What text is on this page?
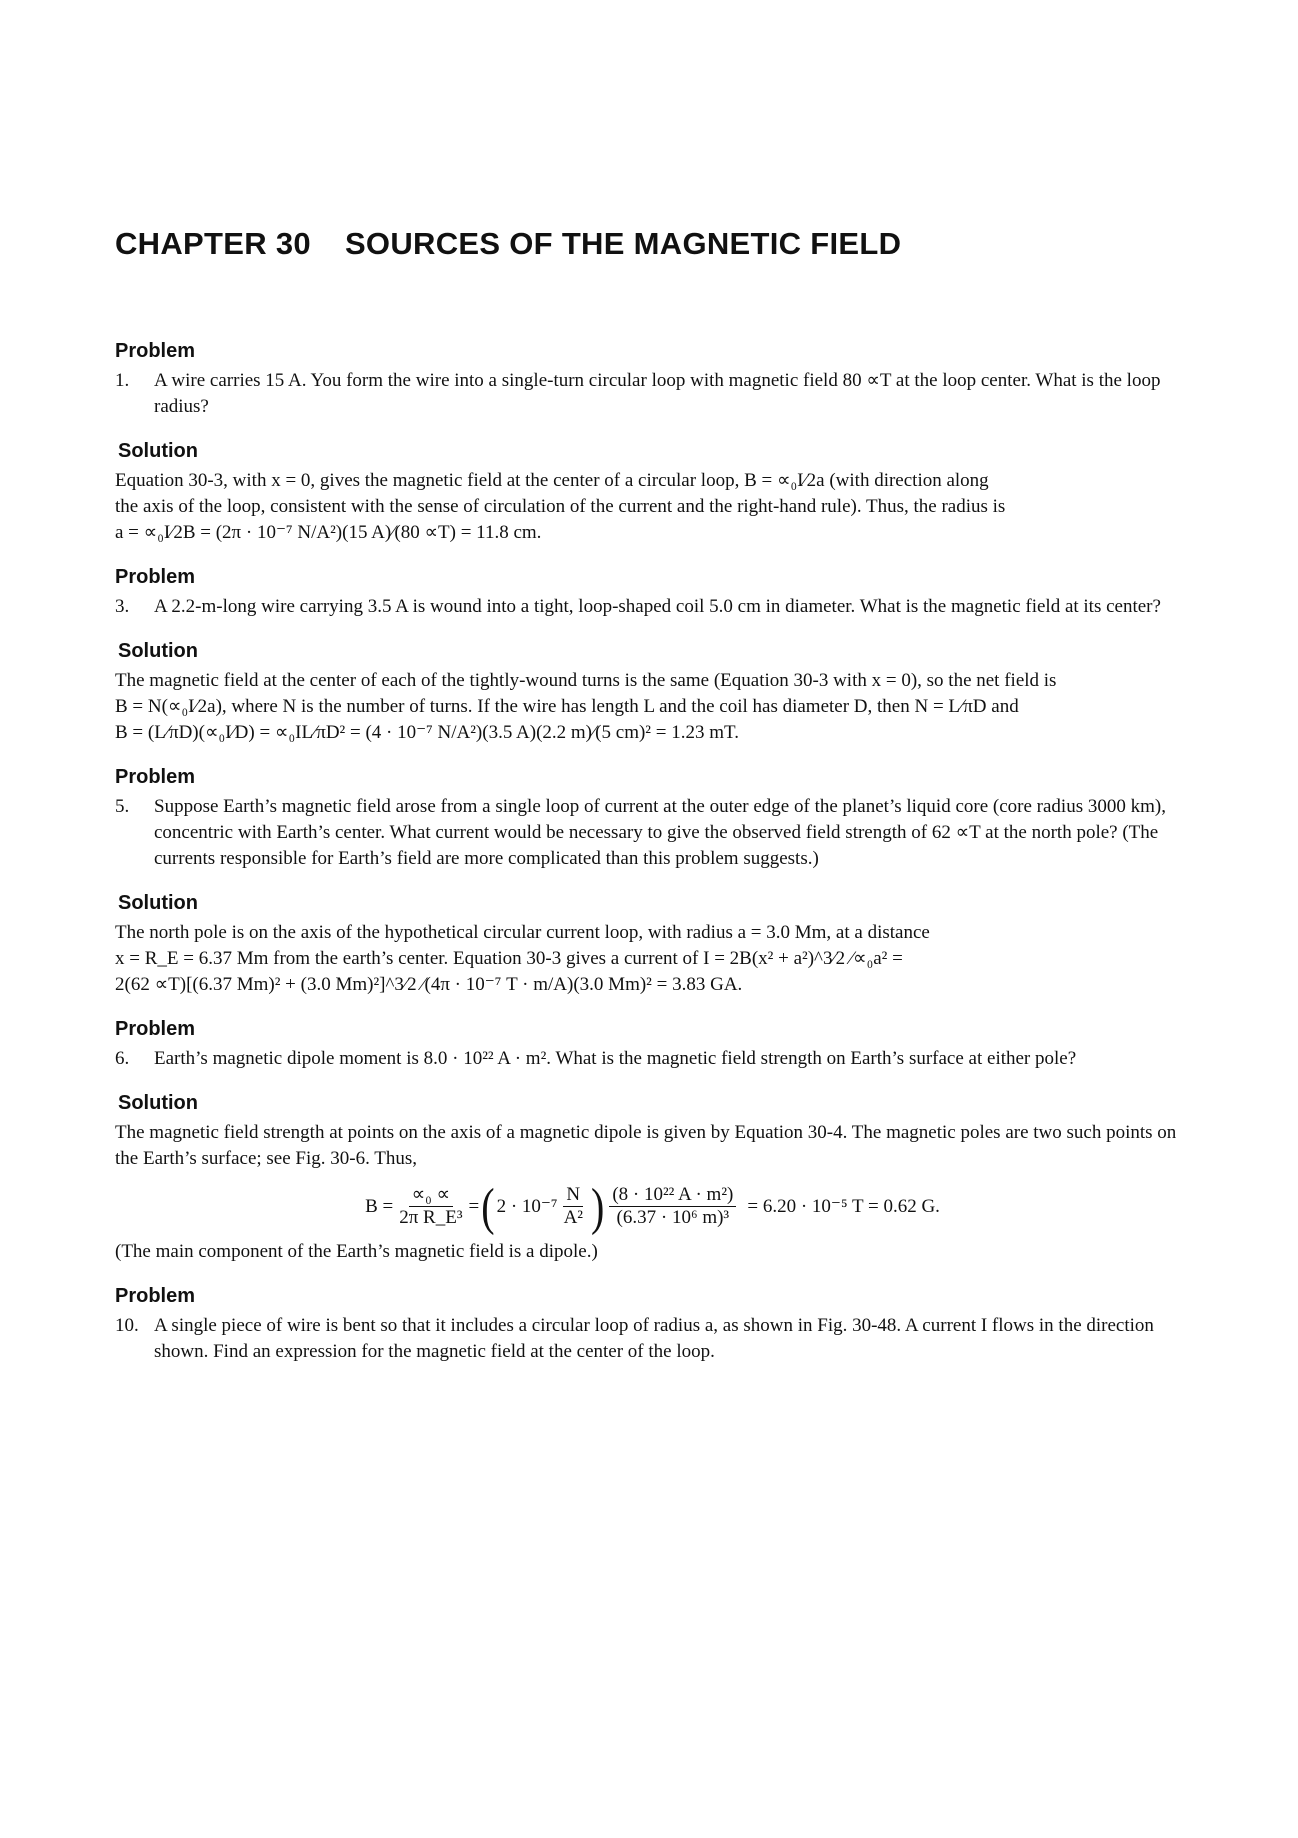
CHAPTER 30 SOURCES OF THE MAGNETIC FIELD
Problem
1.	A wire carries 15 A. You form the wire into a single-turn circular loop with magnetic field 80 ∝T at the loop center. What is the loop radius?
Solution

Equation 30-3, with x = 0, gives the magnetic field at the center of a circular loop, B = ∝₀I⁄2a (with direction along

the axis of the loop, consistent with the sense of circulation of the current and the right-hand rule). Thus, the radius is

a = ∝₀I⁄2B = (2π · 10⁻⁷ N/A²)(15 A)⁄(80 ∝T) = 11.8 cm.

Problem
3.	A 2.2-m-long wire carrying 3.5 A is wound into a tight, loop-shaped coil 5.0 cm in diameter. What is the magnetic field at its center?
Solution

The magnetic field at the center of each of the tightly-wound turns is the same (Equation 30-3 with x = 0), so the net field is

B = N(∝₀I⁄2a), where N is the number of turns. If the wire has length L and the coil has diameter D, then N = L⁄πD and

B = (L⁄πD)(∝₀I⁄D) = ∝₀IL⁄πD² = (4 · 10⁻⁷ N/A²)(3.5 A)(2.2 m)⁄(5 cm)² = 1.23 mT.

Problem
5.	Suppose Earth’s magnetic field arose from a single loop of current at the outer edge of the planet’s liquid core (core radius 3000 km), concentric with Earth’s center. What current would be necessary to give the observed field strength of 62 ∝T at the north pole? (The currents responsible for Earth’s field are more complicated than this problem suggests.)
Solution

The north pole is on the axis of the hypothetical circular current loop, with radius a = 3.0 Mm, at a distance

x = R_E = 6.37 Mm from the earth’s center. Equation 30-3 gives a current of I = 2B(x² + a²)^3⁄2 ⁄∝₀a² =

2(62 ∝T)[(6.37 Mm)² + (3.0 Mm)²]^3⁄2 ⁄(4π · 10⁻⁷ T · m/A)(3.0 Mm)² = 3.83 GA.

Problem
6.	Earth’s magnetic dipole moment is 8.0 · 10²² A · m². What is the magnetic field strength on Earth’s surface at either pole?
Solution

The magnetic field strength at points on the axis of a magnetic dipole is given by Equation 30-4. The magnetic poles are two such points on the Earth’s surface; see Fig. 30-6. Thus,

$B = \frac{\text{∝₀ ∝}}{\text{2π R\_E³}}$ = ( $2 \cdot 10^{-7} \frac{N}{\text{A²}}$ ) $\frac{\text{(8 · 10²² A · m²)}}{\text{(6.37 · 10⁶ m)³}} = 6.20 \cdot 10^{-5}$ T = 0.62 G.

(The main component of the Earth’s magnetic field is a dipole.)

Problem
10. A single piece of wire is bent so that it includes a circular loop of radius a, as shown in Fig. 30-48. A current I flows in the direction shown. Find an expression for the magnetic field at the center of the loop.
